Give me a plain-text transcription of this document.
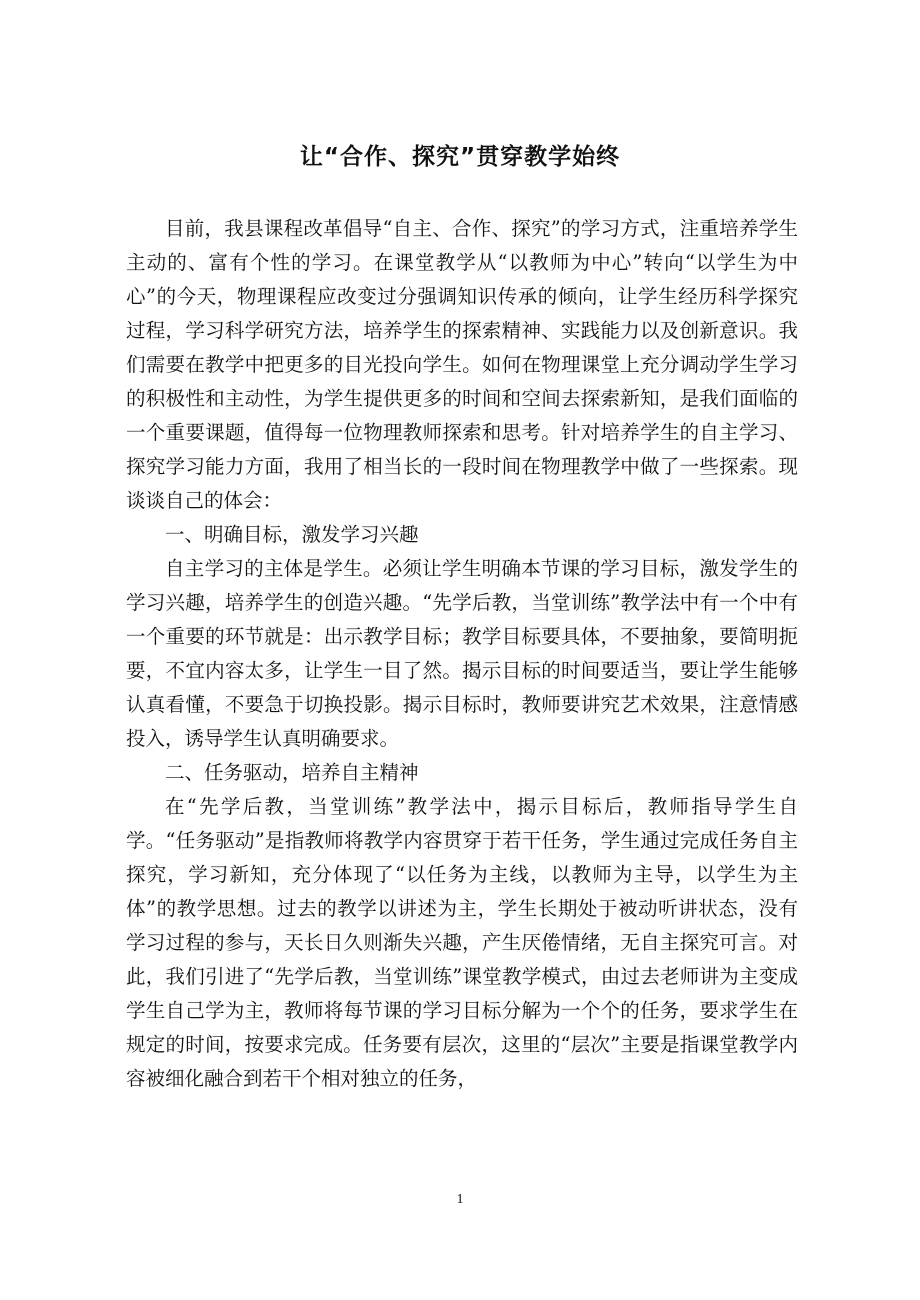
让“合作、探究”贯穿教学始终

目前，我县课程改革倡导“自主、合作、探究”的学习方式，注重培养学生主动的、富有个性的学习。在课堂教学从“以教师为中心”转向“以学生为中心”的今天，物理课程应改变过分强调知识传承的倾向，让学生经历科学探究过程，学习科学研究方法，培养学生的探索精神、实践能力以及创新意识。我们需要在教学中把更多的目光投向学生。如何在物理课堂上充分调动学生学习的积极性和主动性，为学生提供更多的时间和空间去探索新知，是我们面临的一个重要课题，值得每一位物理教师探索和思考。针对培养学生的自主学习、探究学习能力方面，我用了相当长的一段时间在物理教学中做了一些探索。现谈谈自己的体会：

一、明确目标，激发学习兴趣

自主学习的主体是学生。必须让学生明确本节课的学习目标，激发学生的学习兴趣，培养学生的创造兴趣。“先学后教，当堂训练”教学法中有一个中有一个重要的环节就是：出示教学目标；教学目标要具体，不要抽象，要简明扼要，不宜内容太多，让学生一目了然。揭示目标的时间要适当，要让学生能够认真看懂，不要急于切换投影。揭示目标时，教师要讲究艺术效果，注意情感投入，诱导学生认真明确要求。

二、任务驱动，培养自主精神

在“先学后教，当堂训练”教学法中，揭示目标后，教师指导学生自学。“任务驱动”是指教师将教学内容贯穿于若干任务，学生通过完成任务自主探究，学习新知，充分体现了“以任务为主线，以教师为主导，以学生为主体”的教学思想。过去的教学以讲述为主，学生长期处于被动听讲状态，没有学习过程的参与，天长日久则渐失兴趣，产生厌倦情绪，无自主探究可言。对此，我们引进了“先学后教，当堂训练”课堂教学模式，由过去老师讲为主变成学生自己学为主，教师将每节课的学习目标分解为一个个的任务，要求学生在规定的时间，按要求完成。任务要有层次，这里的“层次”主要是指课堂教学内容被细化融合到若干个相对独立的任务，

1
